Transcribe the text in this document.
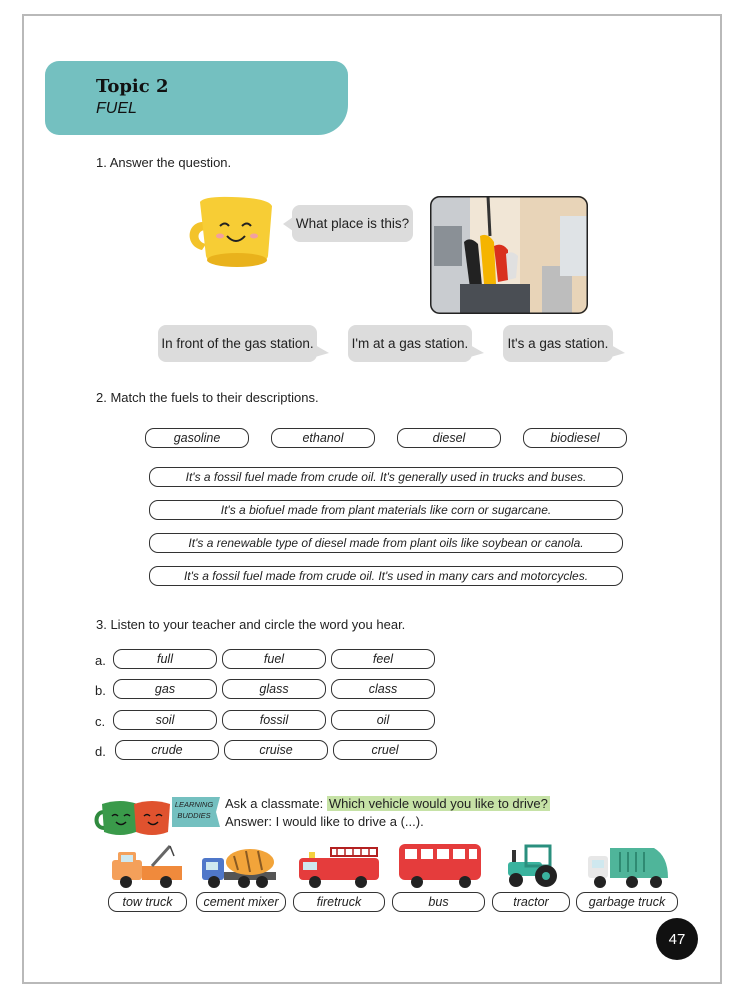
Topic 2
FUEL
1. Answer the question.
What place is this?
In front of the gas station.	I'm at a gas station.	It's a gas station.
2. Match the fuels to their descriptions.
gasoline	ethanol	diesel	biodiesel
It's a fossil fuel made from crude oil. It's generally used in trucks and buses.
It's a biofuel made from plant materials like corn or sugarcane.
It's a renewable type of diesel made from plant oils like soybean or canola.
It's a fossil fuel made from crude oil. It's used in many cars and motorcycles.
3. Listen to your teacher and circle the word you hear.
a.	full	fuel	feel
b.	gas	glass	class
c.	soil	fossil	oil
d.	crude	cruise	cruel
LEARNING
BUDDIES
Ask a classmate: Which vehicle would you like to drive?
Answer: I would like to drive a (...).
tow truck	cement mixer	firetruck	bus	tractor	garbage truck
47
